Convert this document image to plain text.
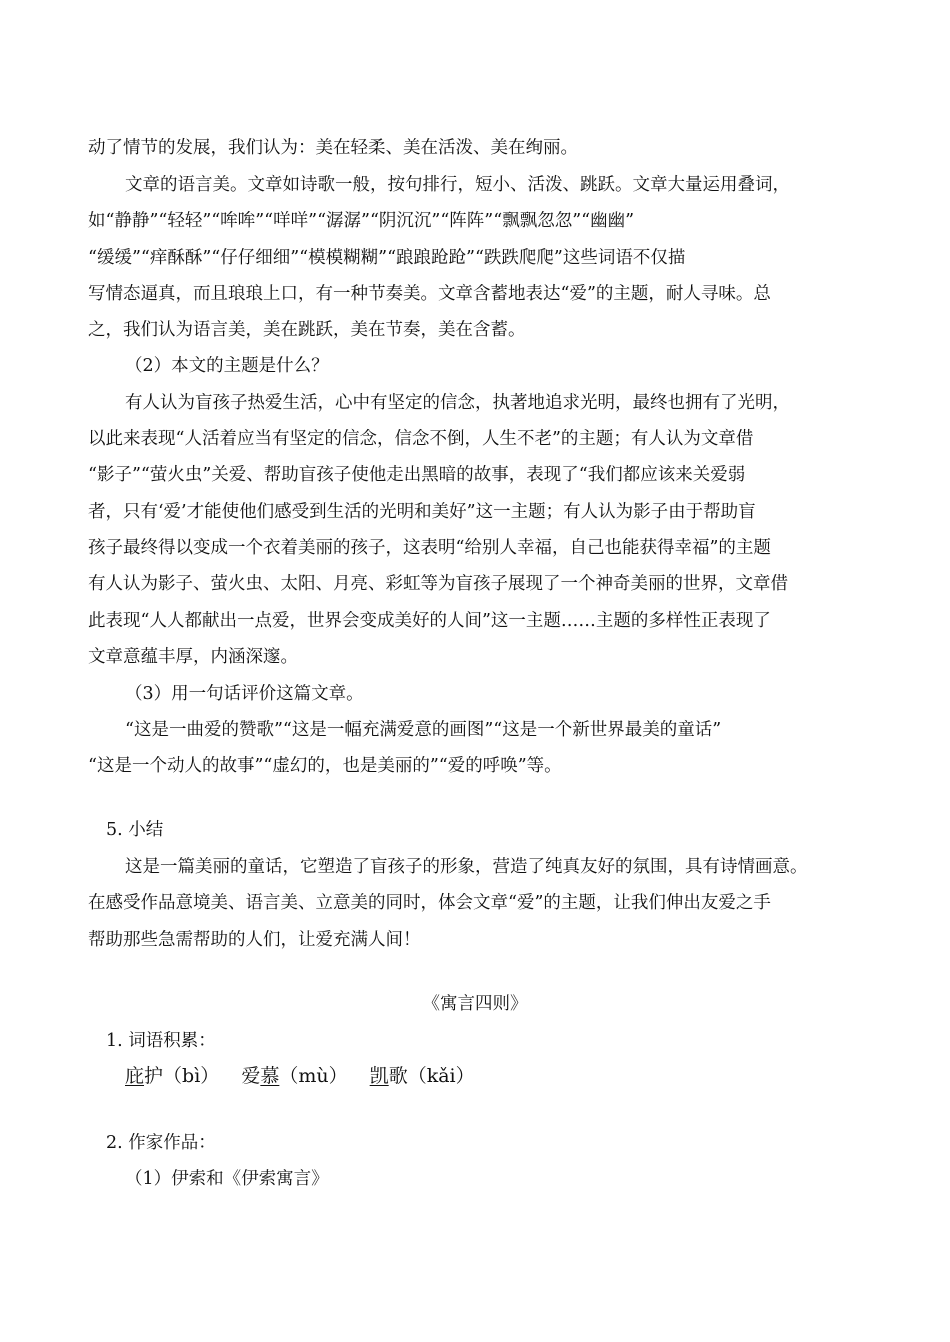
动了情节的发展，我们认为：美在轻柔、美在活泼、美在绚丽。
文章的语言美。文章如诗歌一般，按句排行，短小、活泼、跳跃。文章大量运用叠词，
如“静静”“轻轻”“哞哞”“咩咩”“潺潺”“阴沉沉”“阵阵”“飘飘忽忽”“幽幽”
“缓缓”“痒酥酥”“仔仔细细”“模模糊糊”“踉踉跄跄”“跌跌爬爬”这些词语不仅描
写情态逼真，而且琅琅上口，有一种节奏美。文章含蓄地表达“爱”的主题，耐人寻味。总
之，我们认为语言美，美在跳跃，美在节奏，美在含蓄。
（2）本文的主题是什么？
有人认为盲孩子热爱生活，心中有坚定的信念，执著地追求光明，最终也拥有了光明，
以此来表现“人活着应当有坚定的信念，信念不倒，人生不老”的主题；有人认为文章借
“影子”“萤火虫”关爱、帮助盲孩子使他走出黑暗的故事，表现了“我们都应该来关爱弱
者，只有‘爱’才能使他们感受到生活的光明和美好”这一主题；有人认为影子由于帮助盲
孩子最终得以变成一个衣着美丽的孩子，这表明“给别人幸福，自己也能获得幸福”的主题
有人认为影子、萤火虫、太阳、月亮、彩虹等为盲孩子展现了一个神奇美丽的世界，文章借
此表现“人人都献出一点爱，世界会变成美好的人间”这一主题……主题的多样性正表现了
文章意蕴丰厚，内涵深邃。
（3）用一句话评价这篇文章。
“这是一曲爱的赞歌”“这是一幅充满爱意的画图”“这是一个新世界最美的童话”
“这是一个动人的故事”“虚幻的，也是美丽的”“爱的呼唤”等。
5. 小结
这是一篇美丽的童话，它塑造了盲孩子的形象，营造了纯真友好的氛围，具有诗情画意。
在感受作品意境美、语言美、立意美的同时，体会文章“爱”的主题，让我们伸出友爱之手
帮助那些急需帮助的人们，让爱充满人间！
《寓言四则》
1. 词语积累：
庇护（bì） 爱慕（mù） 凯歌（kǎi）
2. 作家作品：
（1）伊索和《伊索寓言》
